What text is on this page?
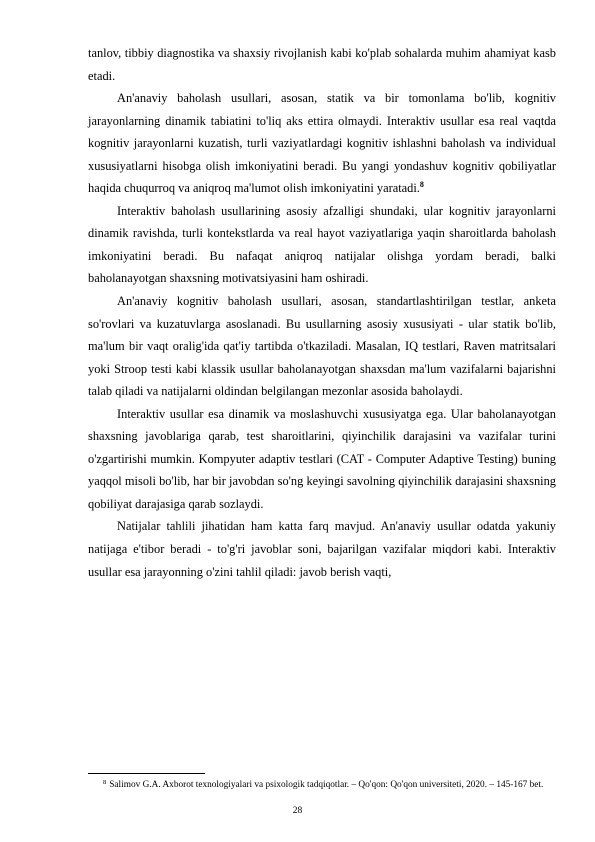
tanlov, tibbiy diagnostika va shaxsiy rivojlanish kabi ko'plab sohalarda muhim ahamiyat kasb etadi.

An'anaviy baholash usullari, asosan, statik va bir tomonlama bo'lib, kognitiv jarayonlarning dinamik tabiatini to'liq aks ettira olmaydi. Interaktiv usullar esa real vaqtda kognitiv jarayonlarni kuzatish, turli vaziyatlardagi kognitiv ishlashni baholash va individual xususiyatlarni hisobga olish imkoniyatini beradi. Bu yangi yondashuv kognitiv qobiliyatlar haqida chuqurroq va aniqroq ma'lumot olish imkoniyatini yaratadi.$^8$

Interaktiv baholash usullarining asosiy afzalligi shundaki, ular kognitiv jarayonlarni dinamik ravishda, turli kontekstlarda va real hayot vaziyatlariga yaqin sharoitlarda baholash imkoniyatini beradi. Bu nafaqat aniqroq natijalar olishga yordam beradi, balki baholanayotgan shaxsning motivatsiyasini ham oshiradi.

An'anaviy kognitiv baholash usullari, asosan, standartlashtirilgan testlar, anketa so'rovlari va kuzatuvlarga asoslanadi. Bu usullarning asosiy xususiyati - ular statik bo'lib, ma'lum bir vaqt oralig'ida qat'iy tartibda o'tkaziladi. Masalan, IQ testlari, Raven matritsalari yoki Stroop testi kabi klassik usullar baholanayotgan shaxsdan ma'lum vazifalarni bajarishni talab qiladi va natijalarni oldindan belgilangan mezonlar asosida baholaydi.

Interaktiv usullar esa dinamik va moslashuvchi xususiyatga ega. Ular baholanayotgan shaxsning javoblariga qarab, test sharoitlarini, qiyinchilik darajasini va vazifalar turini o'zgartirishi mumkin. Kompyuter adaptiv testlari (CAT - Computer Adaptive Testing) buning yaqqol misoli bo'lib, har bir javobdan so'ng keyingi savolning qiyinchilik darajasini shaxsning qobiliyat darajasiga qarab sozlaydi.

Natijalar tahlili jihatidan ham katta farq mavjud. An'anaviy usullar odatda yakuniy natijaga e'tibor beradi - to'g'ri javoblar soni, bajarilgan vazifalar miqdori kabi. Interaktiv usullar esa jarayonning o'zini tahlil qiladi: javob berish vaqti,

$^8$ Salimov G.A. Axborot texnologiyalari va psixologik tadqiqotlar. – Qo'qon: Qo'qon universiteti, 2020. – 145-167 bet.
28
